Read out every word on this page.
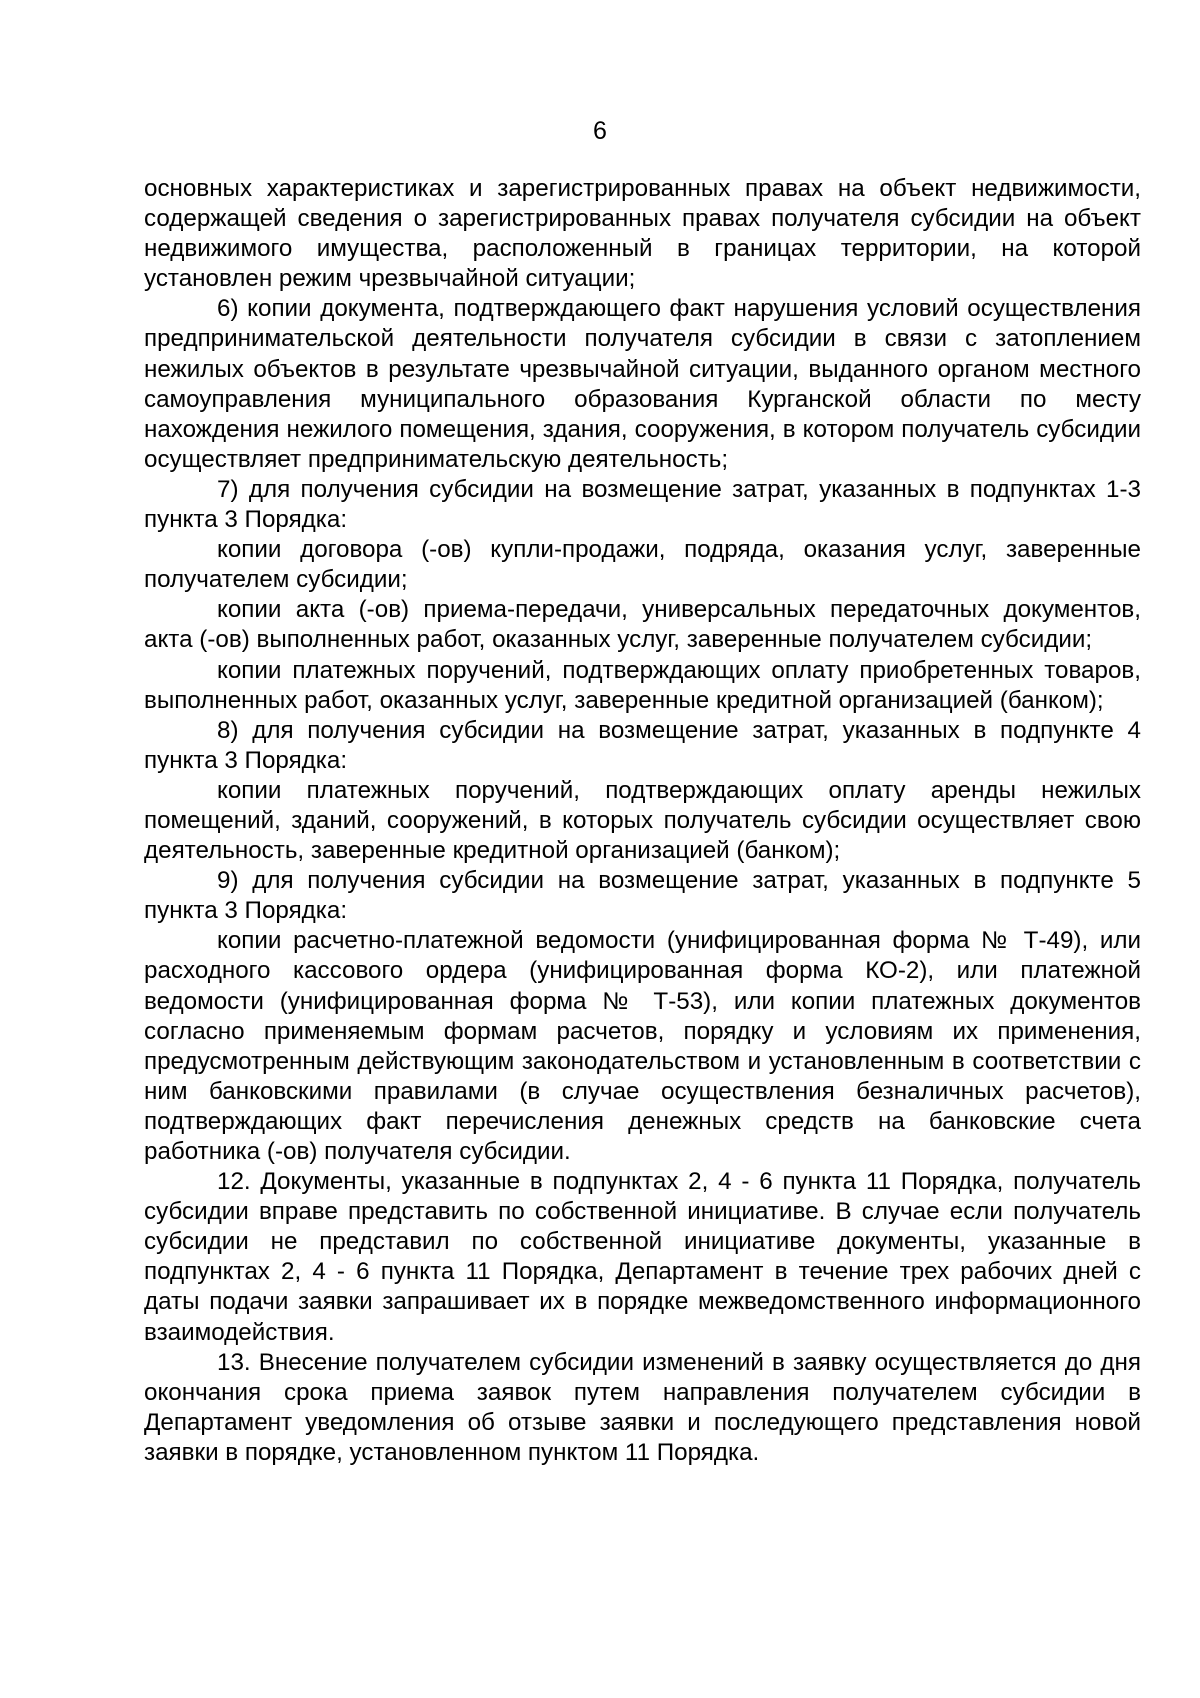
6

основных характеристиках и зарегистрированных правах на объект недвижимости, содержащей сведения о зарегистрированных правах получателя субсидии на объект недвижимого имущества, расположенный в границах территории, на которой установлен режим чрезвычайной ситуации;

6) копии документа, подтверждающего факт нарушения условий осуществления предпринимательской деятельности получателя субсидии в связи с затоплением нежилых объектов в результате чрезвычайной ситуации, выданного органом местного самоуправления муниципального образования Курганской области по месту нахождения нежилого помещения, здания, сооружения, в котором получатель субсидии осуществляет предпринимательскую деятельность;

7) для получения субсидии на возмещение затрат, указанных в подпунктах 1-3 пункта 3 Порядка:

копии договора (-ов) купли-продажи, подряда, оказания услуг, заверенные получателем субсидии;

копии акта (-ов) приема-передачи, универсальных передаточных документов, акта (-ов) выполненных работ, оказанных услуг, заверенные получателем субсидии;

копии платежных поручений, подтверждающих оплату приобретенных товаров, выполненных работ, оказанных услуг, заверенные кредитной организацией (банком);

8) для получения субсидии на возмещение затрат, указанных в подпункте 4 пункта 3 Порядка:

копии платежных поручений, подтверждающих оплату аренды нежилых помещений, зданий, сооружений, в которых получатель субсидии осуществляет свою деятельность, заверенные кредитной организацией (банком);

9) для получения субсидии на возмещение затрат, указанных в подпункте 5 пункта 3 Порядка:

копии расчетно-платежной ведомости (унифицированная форма № Т-49), или расходного кассового ордера (унифицированная форма КО-2), или платежной ведомости (унифицированная форма № Т-53), или копии платежных документов согласно применяемым формам расчетов, порядку и условиям их применения, предусмотренным действующим законодательством и установленным в соответствии с ним банковскими правилами (в случае осуществления безналичных расчетов), подтверждающих факт перечисления денежных средств на банковские счета работника (-ов) получателя субсидии.

12. Документы, указанные в подпунктах 2, 4 - 6 пункта 11 Порядка, получатель субсидии вправе представить по собственной инициативе. В случае если получатель субсидии не представил по собственной инициативе документы, указанные в подпунктах 2, 4 - 6 пункта 11 Порядка, Департамент в течение трех рабочих дней с даты подачи заявки запрашивает их в порядке межведомственного информационного взаимодействия.

13. Внесение получателем субсидии изменений в заявку осуществляется до дня окончания срока приема заявок путем направления получателем субсидии в Департамент уведомления об отзыве заявки и последующего представления новой заявки в порядке, установленном пунктом 11 Порядка.
